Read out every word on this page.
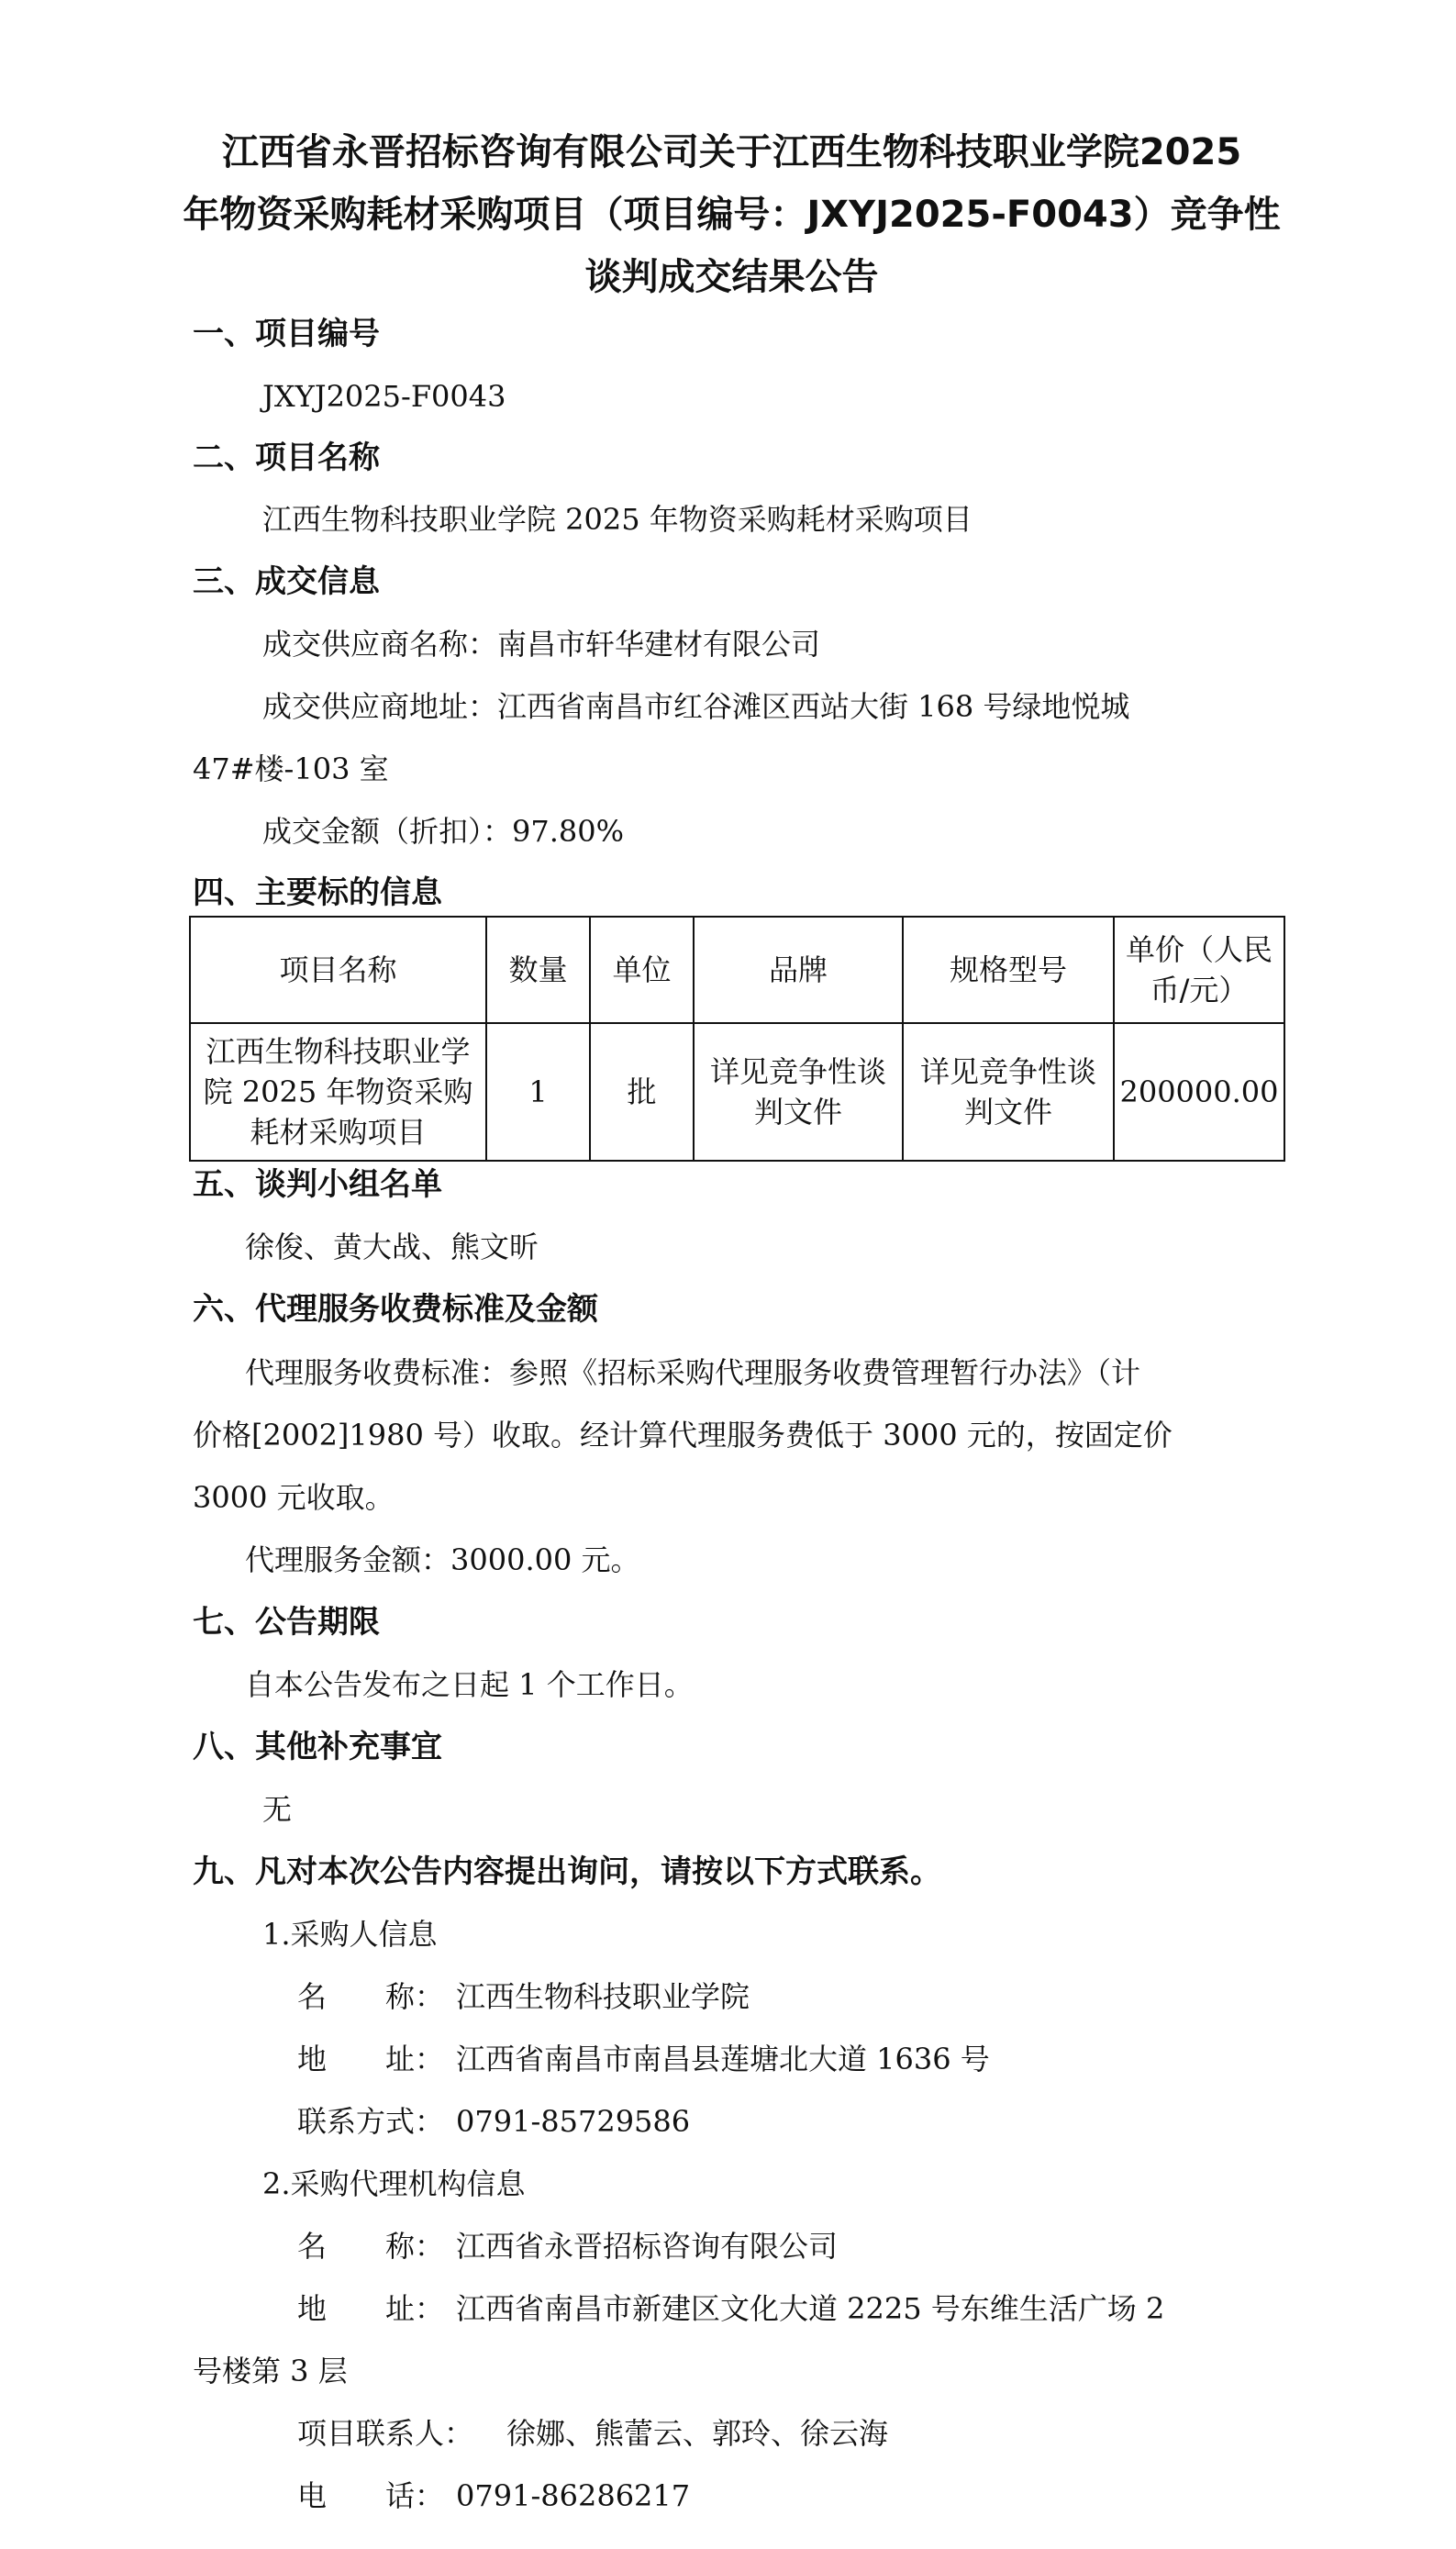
江西省永晋招标咨询有限公司关于江西生物科技职业学院2025
年物资采购耗材采购项目（项目编号：JXYJ2025-F0043）竞争性
谈判成交结果公告
一、项目编号
JXYJ2025-F0043
二、项目名称
江西生物科技职业学院 2025 年物资采购耗材采购项目
三、成交信息
成交供应商名称：南昌市轩华建材有限公司
成交供应商地址：江西省南昌市红谷滩区西站大街 168 号绿地悦城
47#楼-103 室
成交金额（折扣）：97.80%
四、主要标的信息
项目名称	数量	单位	品牌	规格型号	单价（人民币/元）
江西生物科技职业学院 2025 年物资采购耗材采购项目	1	批	详见竞争性谈判文件	详见竞争性谈判文件	200000.00
五、谈判小组名单
徐俊、黄大战、熊文昕
六、代理服务收费标准及金额
代理服务收费标准：参照《招标采购代理服务收费管理暂行办法》（计
价格[2002]1980 号）收取。经计算代理服务费低于 3000 元的，按固定价
3000 元收取。
代理服务金额：3000.00 元。
七、公告期限
自本公告发布之日起 1 个工作日。
八、其他补充事宜
无
九、凡对本次公告内容提出询问，请按以下方式联系。
1.采购人信息
名　　称： 江西生物科技职业学院
地　　址： 江西省南昌市南昌县莲塘北大道 1636 号
联系方式： 0791-85729586
2.采购代理机构信息
名　　称： 江西省永晋招标咨询有限公司
地　　址： 江西省南昌市新建区文化大道 2225 号东维生活广场 2
号楼第 3 层
项目联系人： 徐娜、熊蕾云、郭玲、徐云海
电　　话： 0791-86286217
